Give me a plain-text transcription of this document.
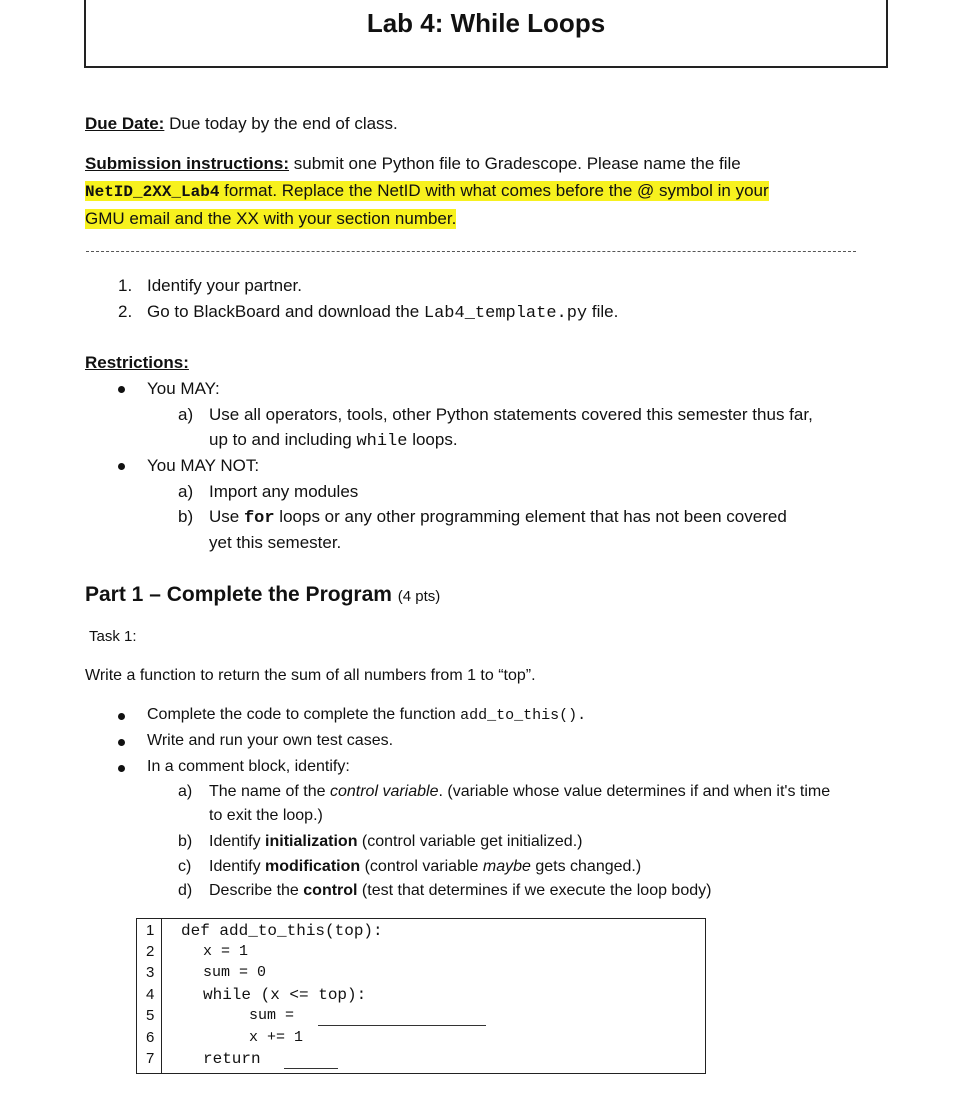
Lab 4: While Loops
Due Date: Due today by the end of class.
Submission instructions: submit one Python file to Gradescope. Please name the file
NetID_2XX_Lab4 format. Replace the NetID with what comes before the @ symbol in your
GMU email and the XX with your section number.
1. Identify your partner.
2. Go to BlackBoard and download the Lab4_template.py file.
Restrictions:
You MAY:
a) Use all operators, tools, other Python statements covered this semester thus far,
up to and including while loops.
You MAY NOT:
a) Import any modules
b) Use for loops or any other programming element that has not been covered
yet this semester.
Part 1 – Complete the Program (4 pts)
Task 1:
Write a function to return the sum of all numbers from 1 to “top”.
Complete the code to complete the function add_to_this().
Write and run your own test cases.
In a comment block, identify:
a) The name of the control variable. (variable whose value determines if and when it's time
to exit the loop.)
b) Identify initialization (control variable get initialized.)
c) Identify modification (control variable maybe gets changed.)
d) Describe the control (test that determines if we execute the loop body)
1
2
3
4
5
6
7
def add_to_this(top):
x = 1
sum = 0
while (x <= top):
sum =
x += 1
return
